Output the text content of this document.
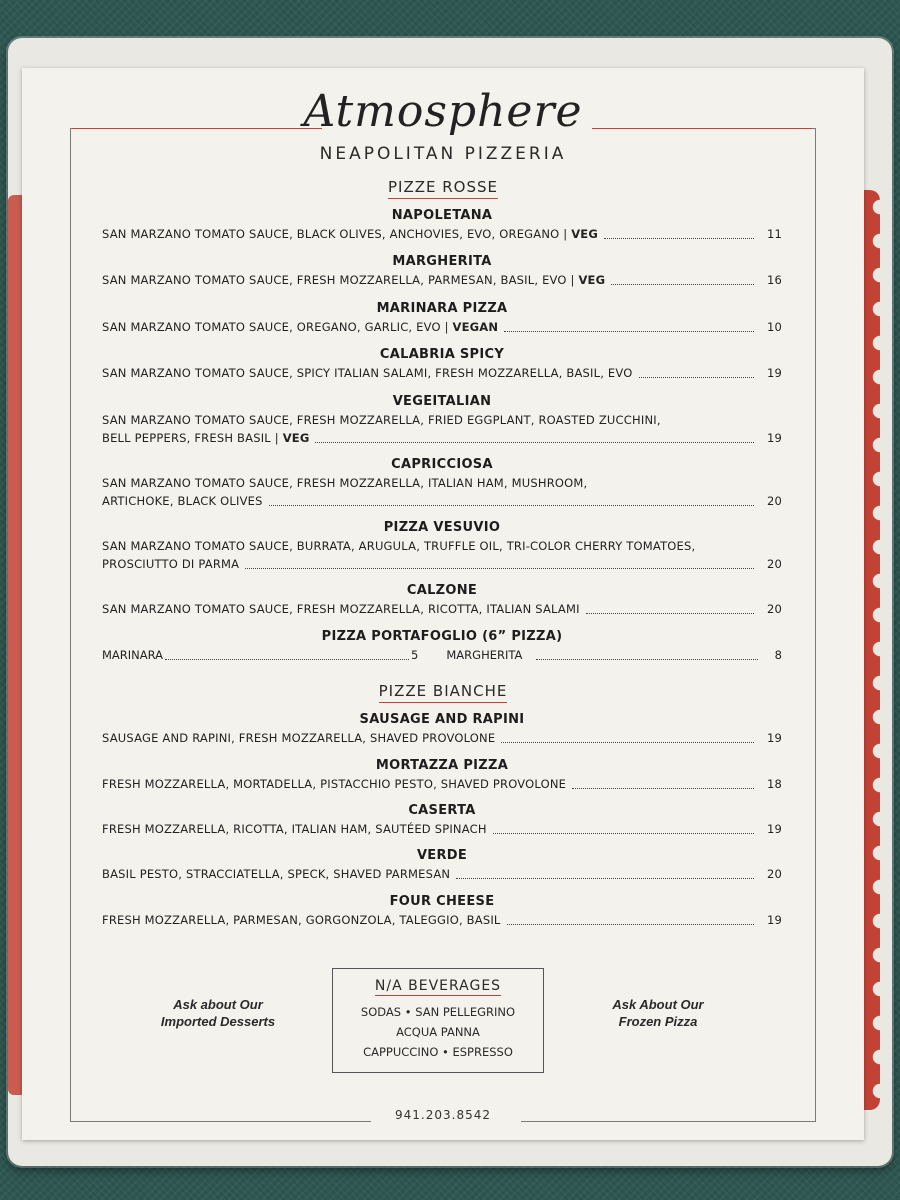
Atmosphere
NEAPOLITAN PIZZERIA
PIZZE ROSSE
NAPOLETANA
SAN MARZANO TOMATO SAUCE, BLACK OLIVES, ANCHOVIES, EVO, OREGANO | VEG	11
MARGHERITA
SAN MARZANO TOMATO SAUCE, FRESH MOZZARELLA, PARMESAN, BASIL, EVO | VEG	16
MARINARA PIZZA
SAN MARZANO TOMATO SAUCE, OREGANO, GARLIC, EVO | VEGAN	10
CALABRIA SPICY
SAN MARZANO TOMATO SAUCE, SPICY ITALIAN SALAMI, FRESH MOZZARELLA, BASIL, EVO	19
VEGEITALIAN
SAN MARZANO TOMATO SAUCE, FRESH MOZZARELLA, FRIED EGGPLANT, ROASTED ZUCCHINI,
BELL PEPPERS, FRESH BASIL | VEG	19
CAPRICCIOSA
SAN MARZANO TOMATO SAUCE, FRESH MOZZARELLA, ITALIAN HAM, MUSHROOM,
ARTICHOKE, BLACK OLIVES	20
PIZZA VESUVIO
SAN MARZANO TOMATO SAUCE, BURRATA, ARUGULA, TRUFFLE OIL, TRI-COLOR CHERRY TOMATOES,
PROSCIUTTO DI PARMA	20
CALZONE
SAN MARZANO TOMATO SAUCE, FRESH MOZZARELLA, RICOTTA, ITALIAN SALAMI	20
PIZZA PORTAFOGLIO (6” PIZZA)
MARINARA	5 MARGHERITA	8
PIZZE BIANCHE
SAUSAGE AND RAPINI
SAUSAGE AND RAPINI, FRESH MOZZARELLA, SHAVED PROVOLONE	19
MORTAZZA PIZZA
FRESH MOZZARELLA, MORTADELLA, PISTACCHIO PESTO, SHAVED PROVOLONE	18
CASERTA
FRESH MOZZARELLA, RICOTTA, ITALIAN HAM, SAUTÉED SPINACH	19
VERDE
BASIL PESTO, STRACCIATELLA, SPECK, SHAVED PARMESAN	20
FOUR CHEESE
FRESH MOZZARELLA, PARMESAN, GORGONZOLA, TALEGGIO, BASIL	19
Ask about Our
Imported Desserts
N/A BEVERAGES
SODAS • SAN PELLEGRINO
ACQUA PANNA
CAPPUCCINO • ESPRESSO
Ask About Our
Frozen Pizza
941.203.8542
